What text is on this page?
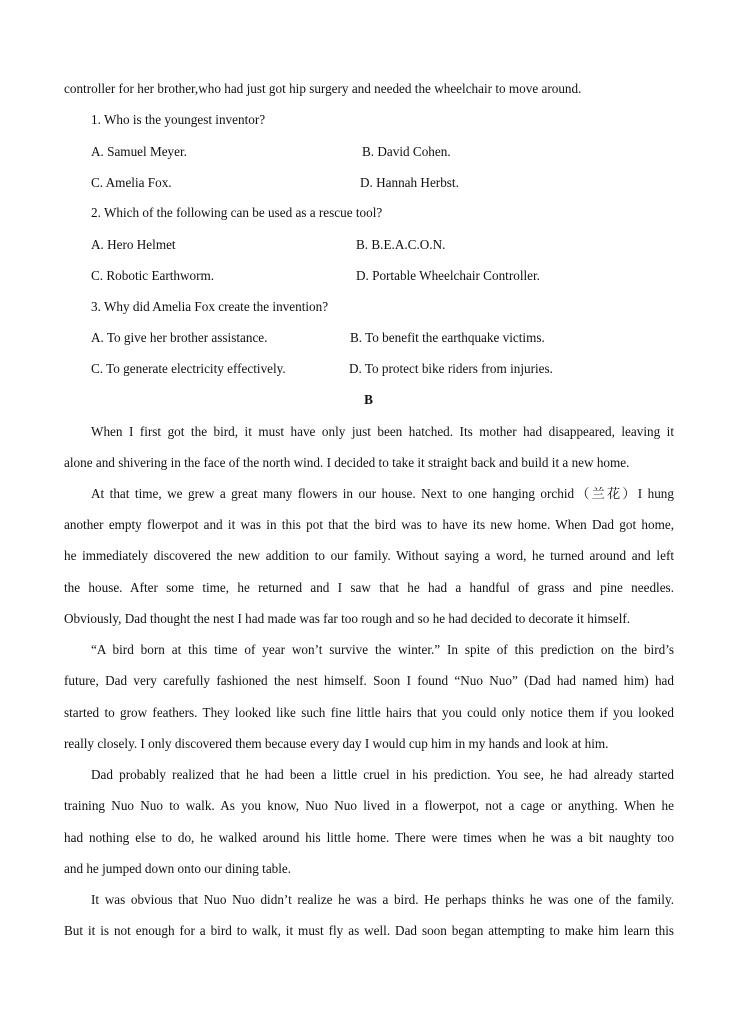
controller for her brother,who had just got hip surgery and needed the wheelchair to move around.
1. Who is the youngest inventor?
A. Samuel Meyer.	B. David Cohen.
C. Amelia Fox.	D. Hannah Herbst.
2. Which of the following can be used as a rescue tool?
A. Hero Helmet	B. B.E.A.C.O.N.
C. Robotic Earthworm.	D. Portable Wheelchair Controller.
3. Why did Amelia Fox create the invention?
A. To give her brother assistance.	B. To benefit the earthquake victims.
C. To generate electricity effectively.	D. To protect bike riders from injuries.
B
When I first got the bird, it must have only just been hatched. Its mother had disappeared, leaving it
alone and shivering in the face of the north wind. I decided to take it straight back and build it a new home.
At that time, we grew a great many flowers in our house. Next to one hanging orchid（兰花）I hung
another empty flowerpot and it was in this pot that the bird was to have its new home. When Dad got home,
he immediately discovered the new addition to our family. Without saying a word, he turned around and left
the house. After some time, he returned and I saw that he had a handful of grass and pine needles.
Obviously, Dad thought the nest I had made was far too rough and so he had decided to decorate it himself.
“A bird born at this time of year won’t survive the winter.” In spite of this prediction on the bird’s
future, Dad very carefully fashioned the nest himself. Soon I found “Nuo Nuo” (Dad had named him) had
started to grow feathers. They looked like such fine little hairs that you could only notice them if you looked
really closely. I only discovered them because every day I would cup him in my hands and look at him.
Dad probably realized that he had been a little cruel in his prediction. You see, he had already started
training Nuo Nuo to walk. As you know, Nuo Nuo lived in a flowerpot, not a cage or anything. When he
had nothing else to do, he walked around his little home. There were times when he was a bit naughty too
and he jumped down onto our dining table.
It was obvious that Nuo Nuo didn’t realize he was a bird. He perhaps thinks he was one of the family.
But it is not enough for a bird to walk, it must fly as well. Dad soon began attempting to make him learn this
